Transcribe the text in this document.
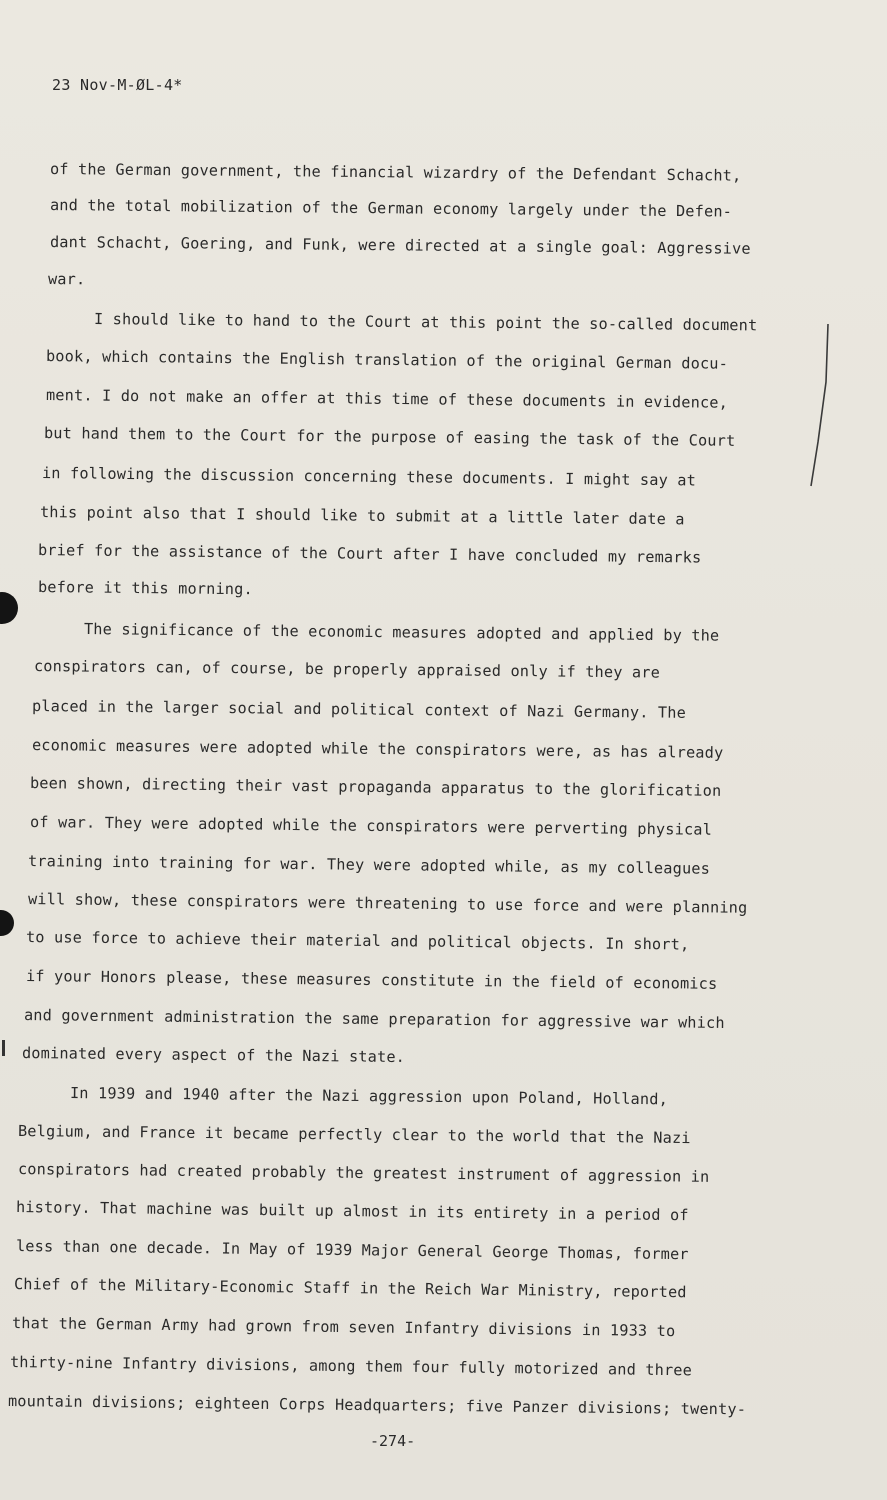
23 Nov-M-ØL-4*
of the German government, the financial wizardry of the Defendant Schacht,
and the total mobilization of the German economy largely under the Defen-
dant Schacht, Goering, and Funk, were directed at a single goal: Aggressive
war.
I should like to hand to the Court at this point the so-called document
book, which contains the English translation of the original German docu-
ment. I do not make an offer at this time of these documents in evidence,
but hand them to the Court for the purpose of easing the task of the Court
in following the discussion concerning these documents. I might say at
this point also that I should like to submit at a little later date a
brief for the assistance of the Court after I have concluded my remarks
before it this morning.
The significance of the economic measures adopted and applied by the
conspirators can, of course, be properly appraised only if they are
placed in the larger social and political context of Nazi Germany. The
economic measures were adopted while the conspirators were, as has already
been shown, directing their vast propaganda apparatus to the glorification
of war. They were adopted while the conspirators were perverting physical
training into training for war. They were adopted while, as my colleagues
will show, these conspirators were threatening to use force and were planning
to use force to achieve their material and political objects. In short,
if your Honors please, these measures constitute in the field of economics
and government administration the same preparation for aggressive war which
dominated every aspect of the Nazi state.
In 1939 and 1940 after the Nazi aggression upon Poland, Holland,
Belgium, and France it became perfectly clear to the world that the Nazi
conspirators had created probably the greatest instrument of aggression in
history. That machine was built up almost in its entirety in a period of
less than one decade. In May of 1939 Major General George Thomas, former
Chief of the Military-Economic Staff in the Reich War Ministry, reported
that the German Army had grown from seven Infantry divisions in 1933 to
thirty-nine Infantry divisions, among them four fully motorized and three
mountain divisions; eighteen Corps Headquarters; five Panzer divisions; twenty-
-274-
